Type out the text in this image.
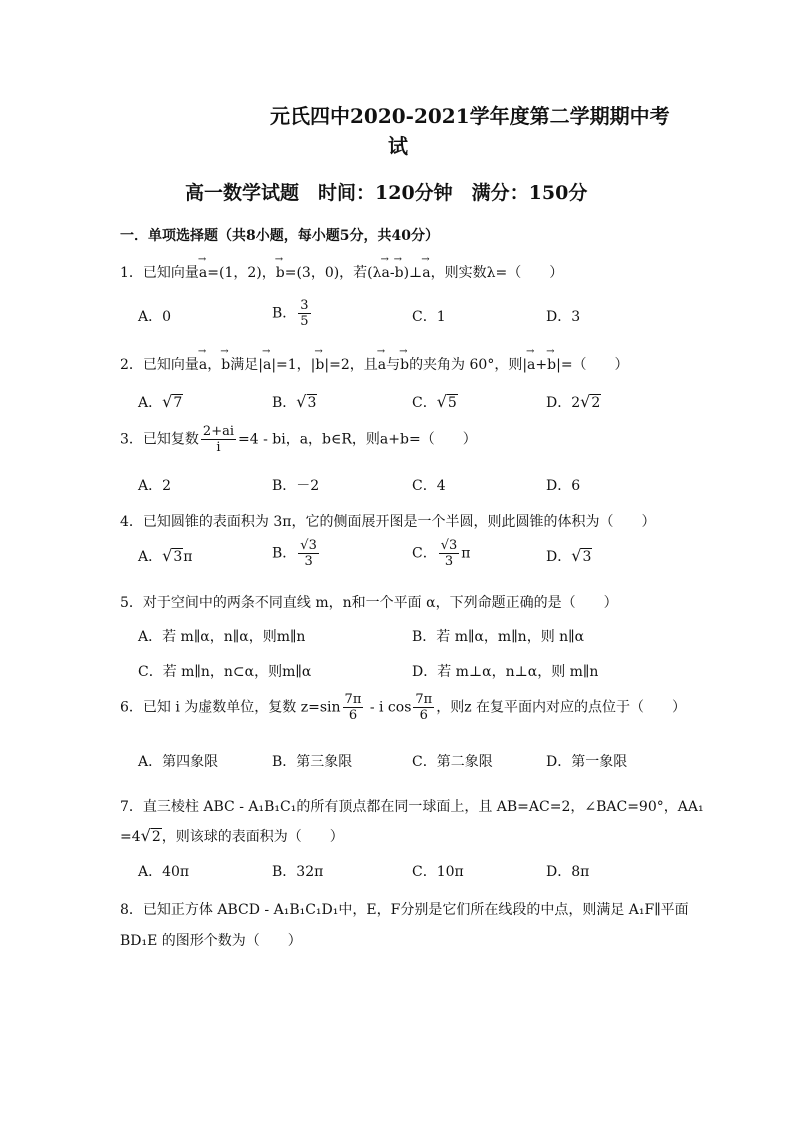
元氏四中2020-2021学年度第二学期期中考
试
高一数学试题　时间：120分钟　满分：150分
一．单项选择题（共8小题，每小题5分，共40分）
1．已知向量→ a=(1，2)，→ b=(3，0)，若(λ→ a-→ b)⊥→ a，则实数λ=（　　）
A．0	B． $\frac{3}{5}$	C．1	D．3
2．已知向量→ a，→ b满足|→ a|=1，|→ b|=2，且→ a与→ b的夹角为 60°，则|→ a+→ b|=（　　）
A．√7	B．√3	C．√5	D．2√2
3．已知复数 $\frac{2+ai}{i} =4$ - bi，a，b∈R，则a+b=（　　）
A．2	B．－2	C．4	D．6
4．已知圆锥的表面积为 3π，它的侧面展开图是一个半圆，则此圆锥的体积为（　　）
A．√3π	B． $\frac{√3}{3}$	C． $\frac{√3}{3}$ π	D．√3
5．对于空间中的两条不同直线 m，n和一个平面 α，下列命题正确的是（　　）
A．若 m∥α，n∥α，则m∥n	B．若 m∥α，m∥n，则 n∥α
C．若 m∥n，n⊂α，则m∥α	D．若 m⊥α，n⊥α，则 m∥n
6．已知 i 为虚数单位，复数 $z=\sin \frac{7\pi}{6} - i$ $\cos \frac{7\pi}{6}$ ，则z 在复平面内对应的点位于（　　）
A．第四象限	B．第三象限	C．第二象限	D．第一象限
7．直三棱柱 ABC - A₁B₁C₁的所有顶点都在同一球面上，且 AB=AC=2，∠BAC=90°，AA₁
=4√2，则该球的表面积为（　　）
A．40π	B．32π	C．10π	D．8π
8．已知正方体 ABCD - A₁B₁C₁D₁中，E，F分别是它们所在线段的中点，则满足 A₁F∥平面
BD₁E 的图形个数为（　　）
